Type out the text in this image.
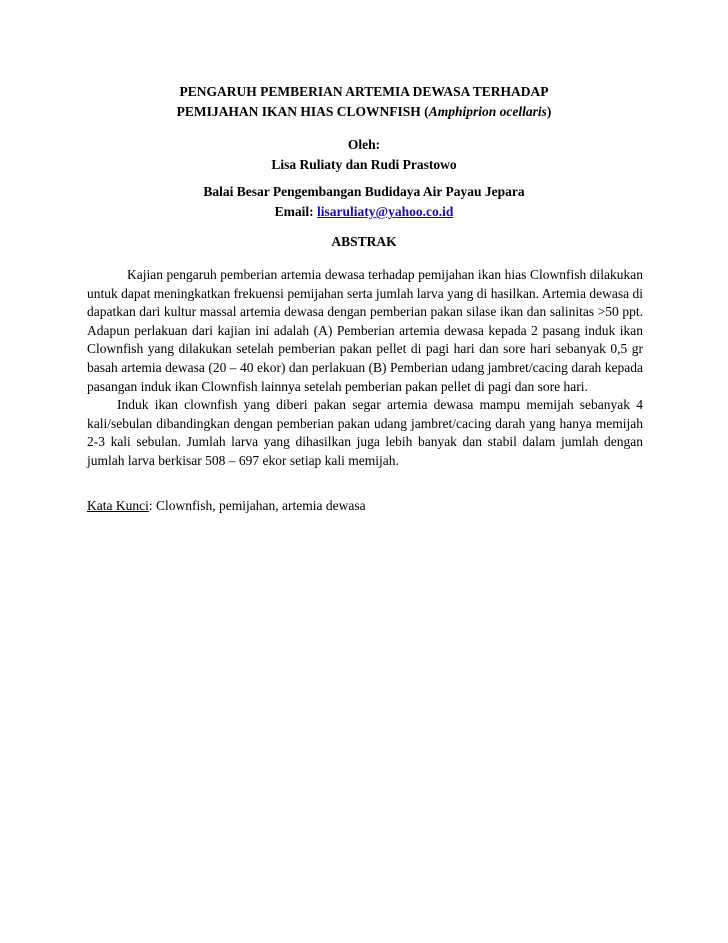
PENGARUH PEMBERIAN ARTEMIA DEWASA TERHADAP
PEMIJAHAN IKAN HIAS CLOWNFISH (Amphiprion ocellaris)
Oleh:
Lisa Ruliaty dan Rudi Prastowo
Balai Besar Pengembangan Budidaya Air Payau Jepara
Email: lisaruliaty@yahoo.co.id
ABSTRAK

Kajian pengaruh pemberian artemia dewasa terhadap pemijahan ikan hias Clownfish dilakukan untuk dapat meningkatkan frekuensi pemijahan serta jumlah larva yang di hasilkan. Artemia dewasa di dapatkan dari kultur massal artemia dewasa dengan pemberian pakan silase ikan dan salinitas >50 ppt. Adapun perlakuan dari kajian ini adalah (A) Pemberian artemia dewasa kepada 2 pasang induk ikan Clownfish yang dilakukan setelah pemberian pakan pellet di pagi hari dan sore hari sebanyak 0,5 gr basah artemia dewasa (20 – 40 ekor) dan perlakuan (B) Pemberian udang jambret/cacing darah kepada pasangan induk ikan Clownfish lainnya setelah pemberian pakan pellet di pagi dan sore hari.

Induk ikan clownfish yang diberi pakan segar artemia dewasa mampu memijah sebanyak 4 kali/sebulan dibandingkan dengan pemberian pakan udang jambret/cacing darah yang hanya memijah 2-3 kali sebulan. Jumlah larva yang dihasilkan juga lebih banyak dan stabil dalam jumlah dengan jumlah larva berkisar 508 – 697 ekor setiap kali memijah.

Kata Kunci: Clownfish, pemijahan, artemia dewasa
